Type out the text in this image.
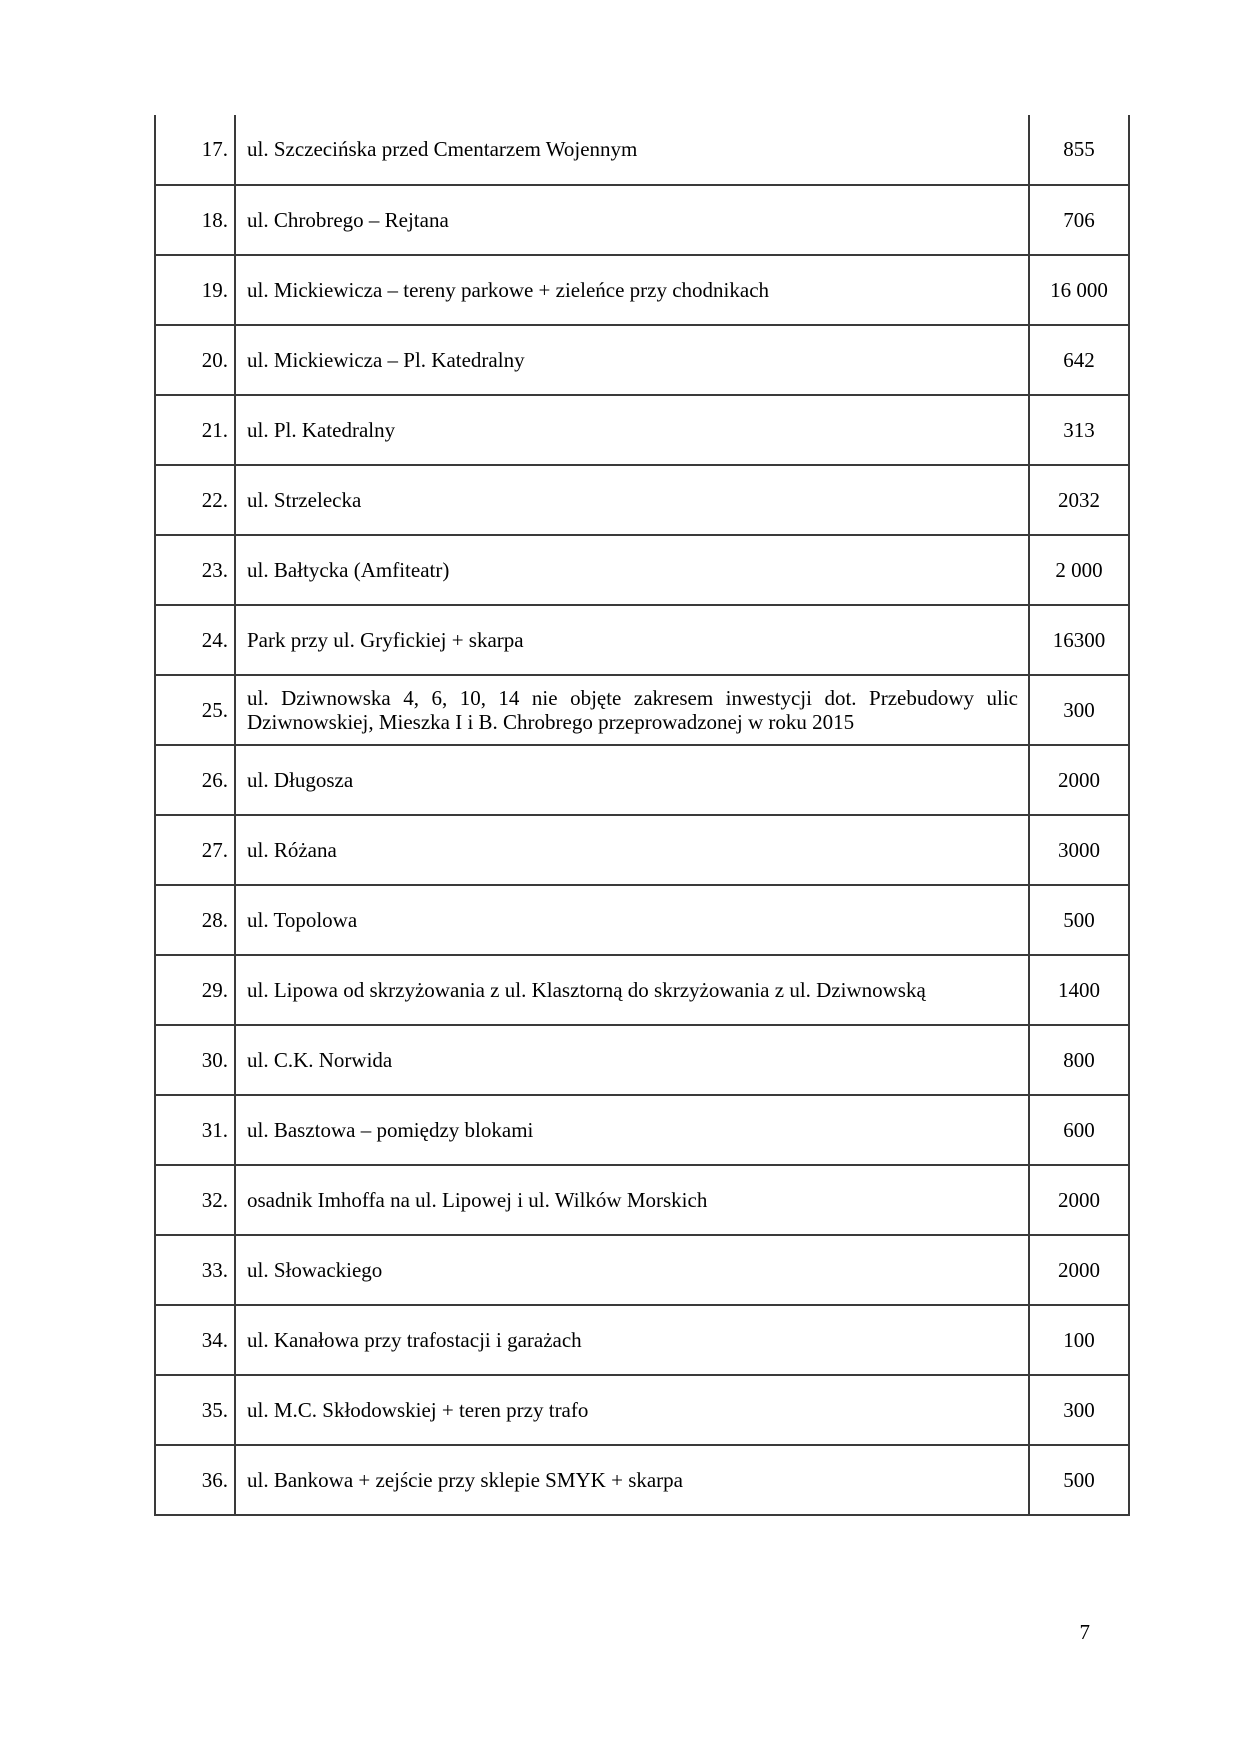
17.	ul. Szczecińska przed Cmentarzem Wojennym	855
18.	ul. Chrobrego – Rejtana	706
19.	ul. Mickiewicza – tereny parkowe + zieleńce przy chodnikach	16 000
20.	ul. Mickiewicza – Pl. Katedralny	642
21.	ul. Pl. Katedralny	313
22.	ul. Strzelecka	2032
23.	ul. Bałtycka (Amfiteatr)	2 000
24.	Park przy ul. Gryfickiej + skarpa	16300
25.	ul. Dziwnowska 4, 6, 10, 14 nie objęte zakresem inwestycji dot. Przebudowy ulic Dziwnowskiej, Mieszka I i B. Chrobrego przeprowadzonej w roku 2015	300
26.	ul. Długosza	2000
27.	ul. Różana	3000
28.	ul. Topolowa	500
29.	ul. Lipowa od skrzyżowania z ul. Klasztorną do skrzyżowania z ul. Dziwnowską	1400
30.	ul. C.K. Norwida	800
31.	ul. Basztowa – pomiędzy blokami	600
32.	osadnik Imhoffa na ul. Lipowej i ul. Wilków Morskich	2000
33.	ul. Słowackiego	2000
34.	ul. Kanałowa przy trafostacji i garażach	100
35.	ul. M.C. Skłodowskiej + teren przy trafo	300
36.	ul. Bankowa + zejście przy sklepie SMYK + skarpa	500
7
